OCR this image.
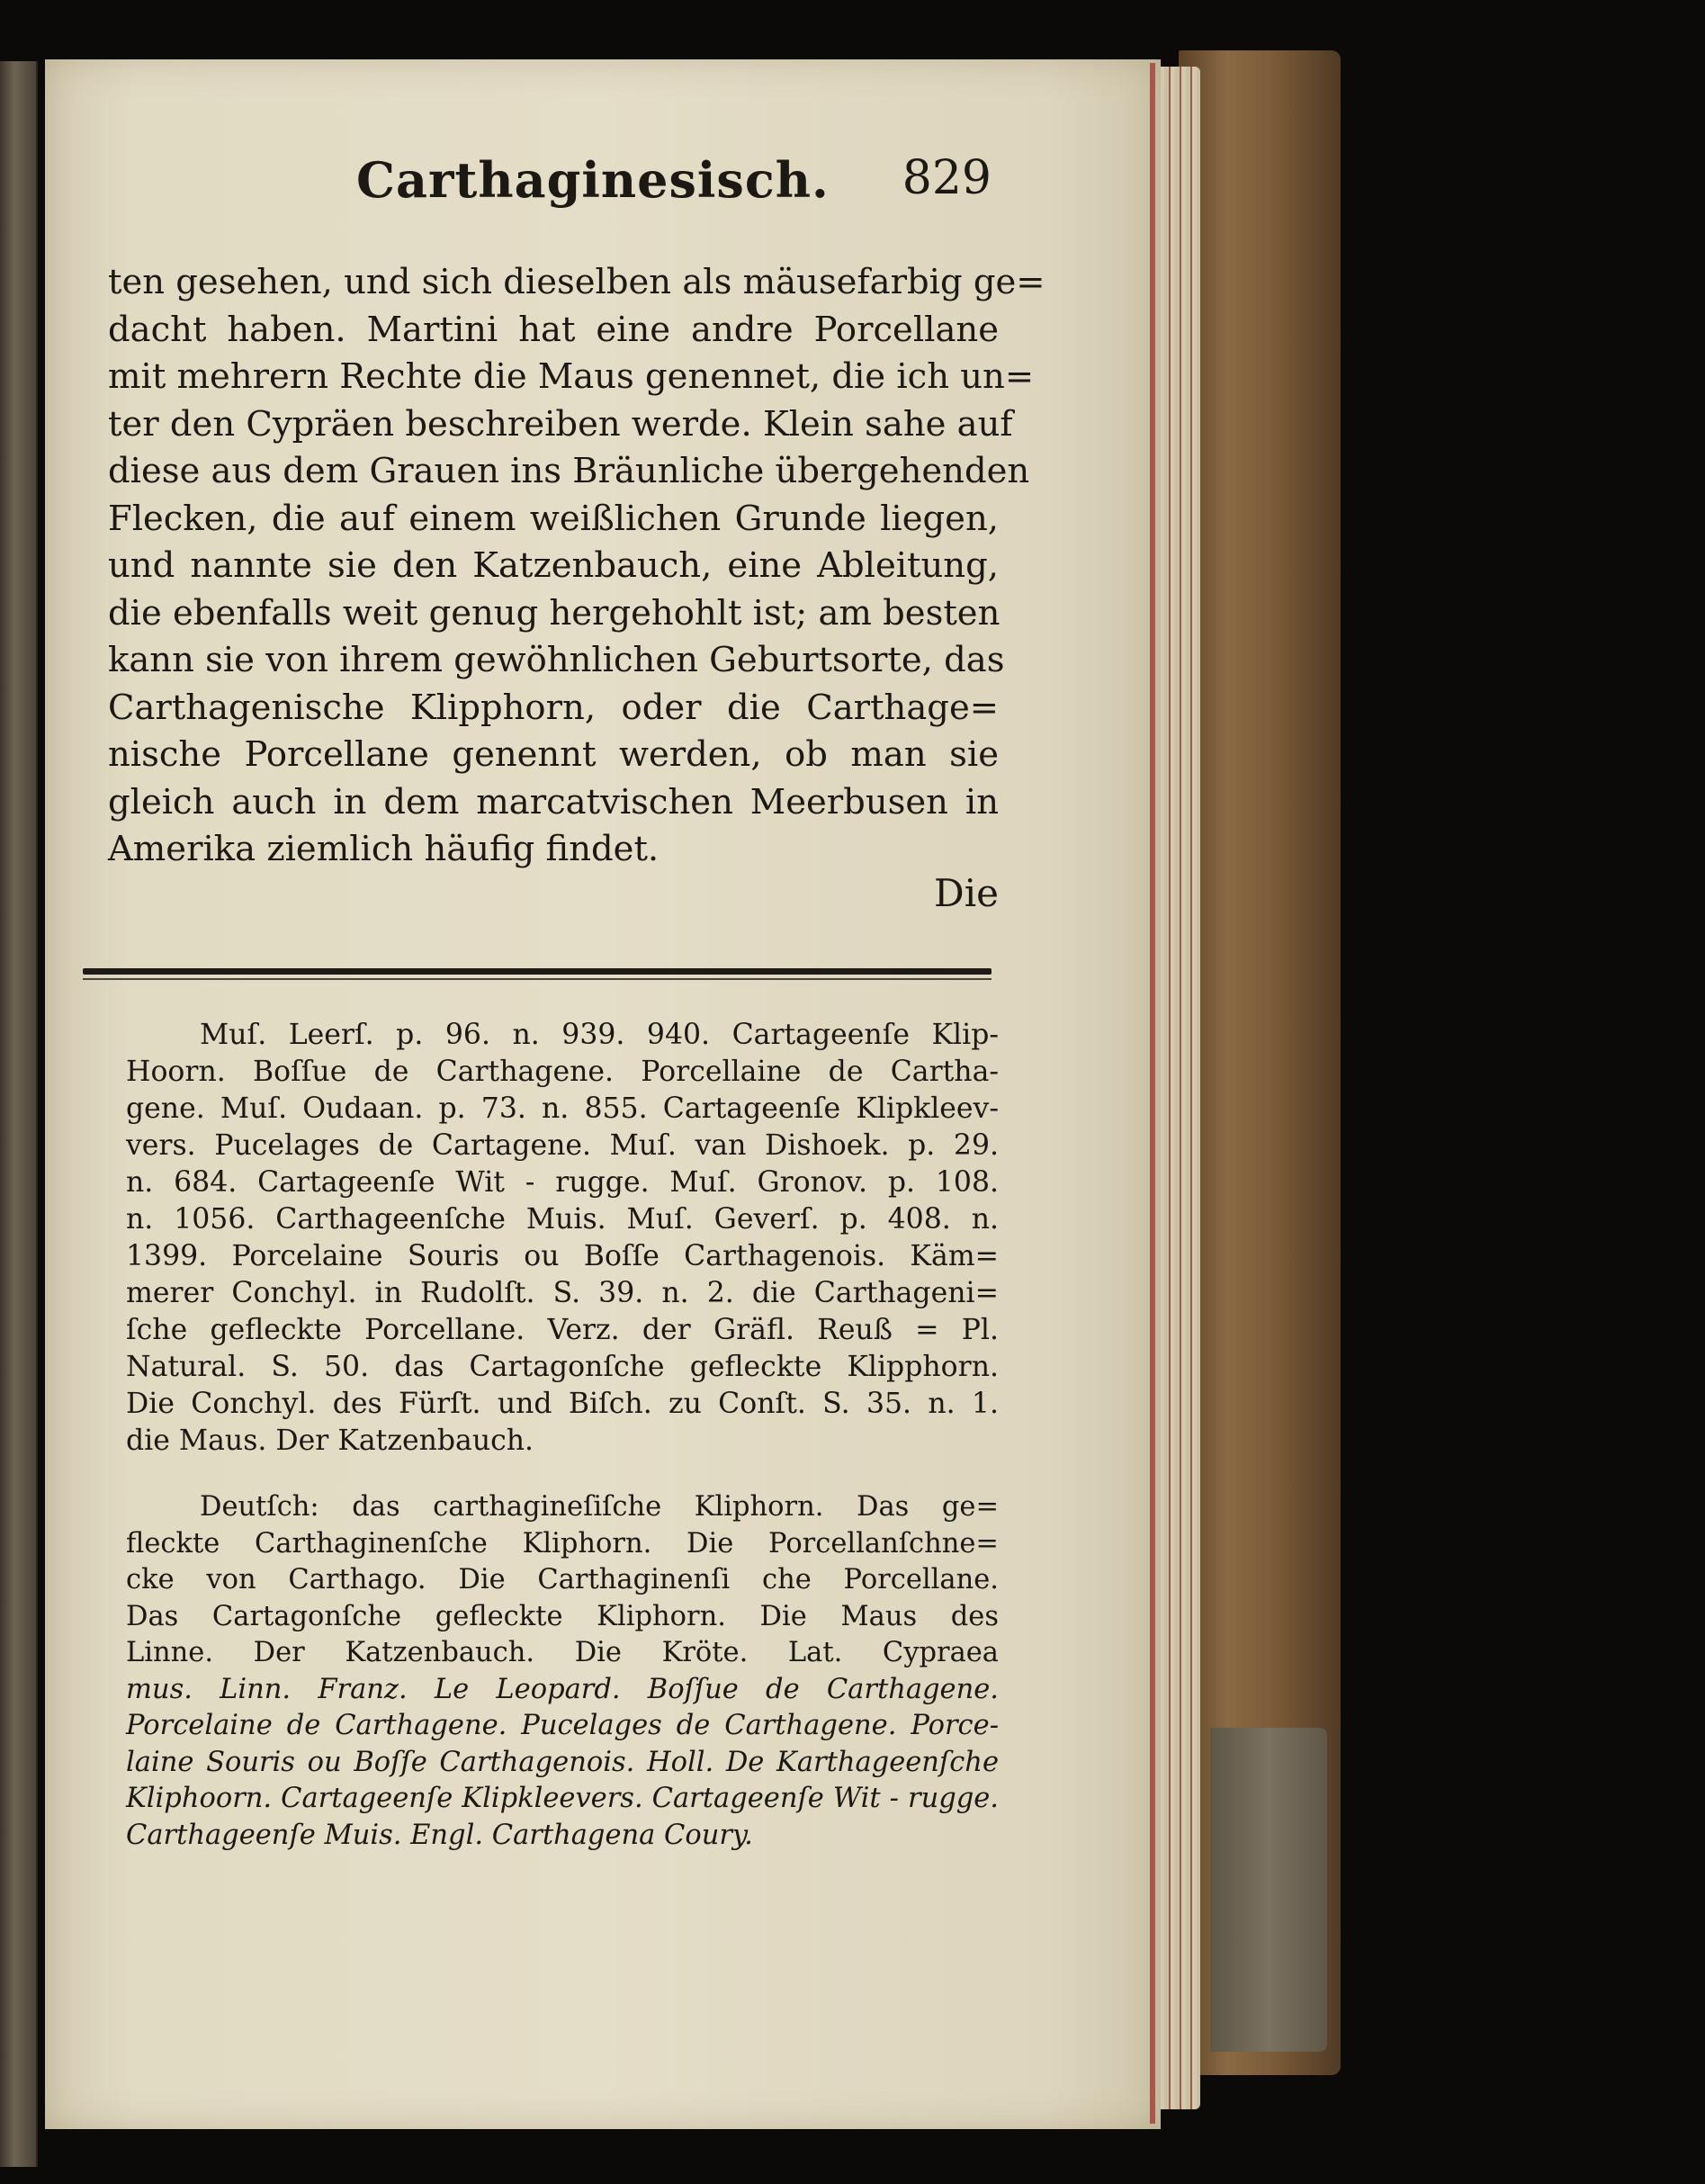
Carthaginesisch. 829
ten gesehen, und sich dieselben als mäusefarbig ge=
dacht haben. Martini hat eine andre Porcellane
mit mehrern Rechte die Maus genennet, die ich un=
ter den Cypräen beschreiben werde. Klein sahe auf
diese aus dem Grauen ins Bräunliche übergehenden
Flecken, die auf einem weißlichen Grunde liegen,
und nannte sie den Katzenbauch, eine Ableitung,
die ebenfalls weit genug hergehohlt ist; am besten
kann sie von ihrem gewöhnlichen Geburtsorte, das
Carthagenische Klipphorn, oder die Carthage=
nische Porcellane genennt werden, ob man sie
gleich auch in dem marcatvischen Meerbusen in
Amerika ziemlich häufig findet.
Die
Muſ. Leerſ. p. 96. n. 939. 940. Cartageenſe Klip-
Hoorn. Boſſue de Carthagene. Porcellaine de Cartha-
gene. Muſ. Oudaan. p. 73. n. 855. Cartageenſe Klipkleev-
vers. Pucelages de Cartagene. Muſ. van Dishoek. p. 29.
n. 684. Cartageenſe Wit - rugge. Muſ. Gronov. p. 108.
n. 1056. Carthageenſche Muis. Muſ. Geverſ. p. 408. n.
1399. Porcelaine Souris ou Boſſe Carthagenois. Käm=
merer Conchyl. in Rudolſt. S. 39. n. 2. die Carthageni=
ſche gefleckte Porcellane. Verz. der Gräfl. Reuß = Pl.
Natural. S. 50. das Cartagonſche gefleckte Klipphorn.
Die Conchyl. des Fürſt. und Biſch. zu Conſt. S. 35. n. 1.
die Maus. Der Katzenbauch.
Deutſch: das carthagineſiſche Kliphorn. Das ge=
fleckte Carthaginenſche Kliphorn. Die Porcellanſchne=
cke von Carthago. Die Carthaginenſi che Porcellane.
Das Cartagonſche gefleckte Kliphorn. Die Maus des
Linne. Der Katzenbauch. Die Kröte. Lat. Cypraea
mus. Linn. Franz. Le Leopard. Boſſue de Carthagene.
Porcelaine de Carthagene. Pucelages de Carthagene. Porce-
laine Souris ou Boſſe Carthagenois. Holl. De Karthageenſche
Kliphoorn. Cartageenſe Klipkleevers. Cartageenſe Wit - rugge.
Carthageenſe Muis. Engl. Carthagena Coury.
